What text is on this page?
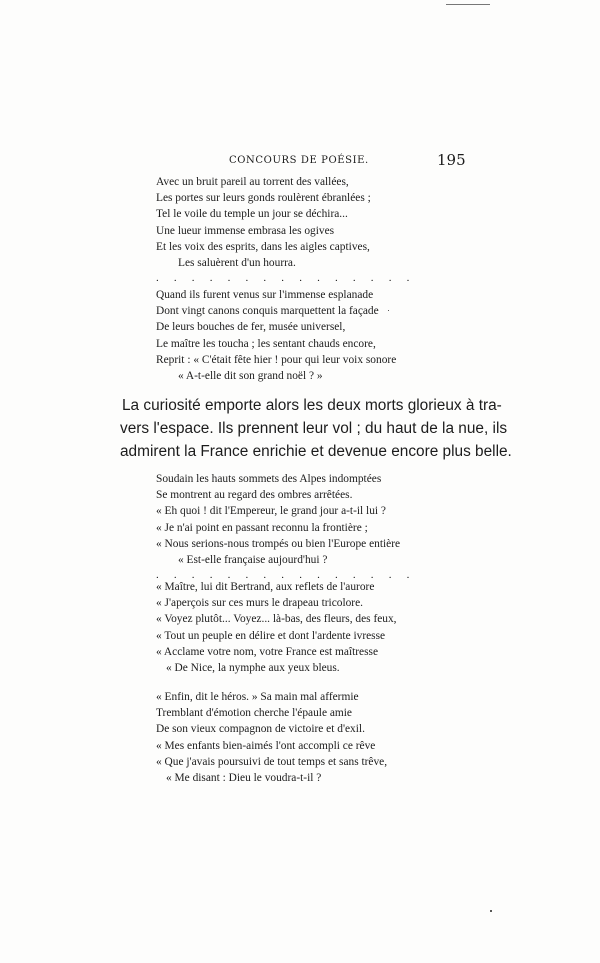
CONCOURS DE POÉSIE.	195
Avec un bruit pareil au torrent des vallées,
Les portes sur leurs gonds roulèrent ébranlées ;
Tel le voile du temple un jour se déchira...
Une lueur immense embrasa les ogives
Et les voix des esprits, dans les aigles captives,
Les saluèrent d'un hourra.
. . . . . . . . . . . . . . .
Quand ils furent venus sur l'immense esplanade
Dont vingt canons conquis marquettent la façade
De leurs bouches de fer, musée universel,
Le maître les toucha ; les sentant chauds encore,
Reprit : « C'était fête hier ! pour qui leur voix sonore
« A-t-elle dit son grand noël ? »

La curiosité emporte alors les deux morts glorieux à tra-
vers l'espace. Ils prennent leur vol ; du haut de la nue, ils
admirent la France enrichie et devenue encore plus belle.

Soudain les hauts sommets des Alpes indomptées
Se montrent au regard des ombres arrêtées.
« Eh quoi ! dit l'Empereur, le grand jour a-t-il lui ?
« Je n'ai point en passant reconnu la frontière ;
« Nous serions-nous trompés ou bien l'Europe entière
« Est-elle française aujourd'hui ?
. . . . . . . . . . . . . . .
« Maître, lui dit Bertrand, aux reflets de l'aurore
« J'aperçois sur ces murs le drapeau tricolore.
« Voyez plutôt... Voyez... là-bas, des fleurs, des feux,
« Tout un peuple en délire et dont l'ardente ivresse
« Acclame votre nom, votre France est maîtresse
« De Nice, la nymphe aux yeux bleus.
« Enfin, dit le héros. » Sa main mal affermie
Tremblant d'émotion cherche l'épaule amie
De son vieux compagnon de victoire et d'exil.
« Mes enfants bien-aimés l'ont accompli ce rêve
« Que j'avais poursuivi de tout temps et sans trêve,
« Me disant : Dieu le voudra-t-il ?
